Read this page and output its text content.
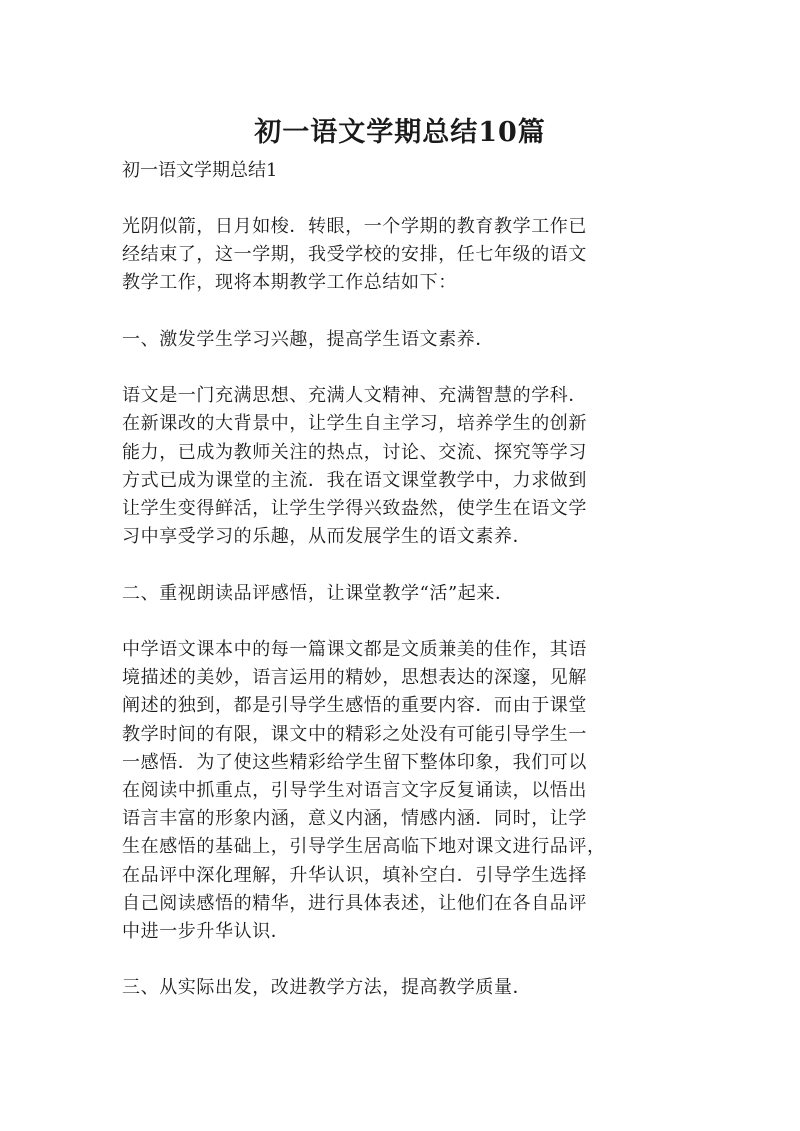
初一语文学期总结10篇

初一语文学期总结1

光阴似箭，日月如梭．转眼，一个学期的教育教学工作已
经结束了，这一学期，我受学校的安排，任七年级的语文
教学工作，现将本期教学工作总结如下：

一、激发学生学习兴趣，提高学生语文素养．

语文是一门充满思想、充满人文精神、充满智慧的学科．
在新课改的大背景中，让学生自主学习，培养学生的创新
能力，已成为教师关注的热点，讨论、交流、探究等学习
方式已成为课堂的主流．我在语文课堂教学中，力求做到
让学生变得鲜活，让学生学得兴致盎然，使学生在语文学
习中享受学习的乐趣，从而发展学生的语文素养．

二、重视朗读品评感悟，让课堂教学“活”起来．

中学语文课本中的每一篇课文都是文质兼美的佳作，其语
境描述的美妙，语言运用的精妙，思想表达的深邃，见解
阐述的独到，都是引导学生感悟的重要内容．而由于课堂
教学时间的有限，课文中的精彩之处没有可能引导学生一
一感悟．为了使这些精彩给学生留下整体印象，我们可以
在阅读中抓重点，引导学生对语言文字反复诵读，以悟出
语言丰富的形象内涵，意义内涵，情感内涵．同时，让学
生在感悟的基础上，引导学生居高临下地对课文进行品评，
在品评中深化理解，升华认识，填补空白．引导学生选择
自己阅读感悟的精华，进行具体表述，让他们在各自品评
中进一步升华认识．

三、从实际出发，改进教学方法，提高教学质量．
